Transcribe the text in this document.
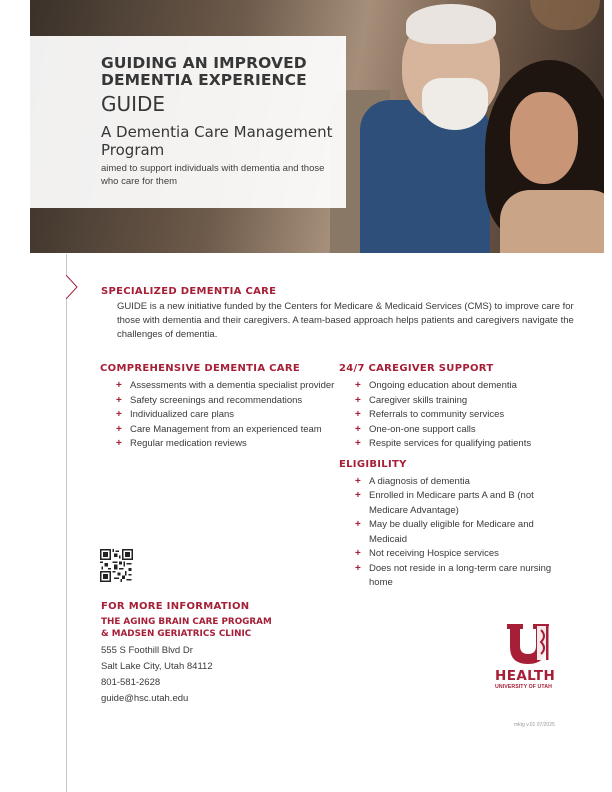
GUIDING AN IMPROVED DEMENTIA EXPERIENCE
GUIDE
A Dementia Care Management Program
aimed to support individuals with dementia and those who care for them
SPECIALIZED DEMENTIA CARE

GUIDE is a new initiative funded by the Centers for Medicare & Medicaid Services (CMS) to improve care for those with dementia and their caregivers. A team-based approach helps patients and caregivers navigate the challenges of dementia.

COMPREHENSIVE DEMENTIA CARE
+ Assessments with a dementia specialist provider
+ Safety screenings and recommendations
+ Individualized care plans
+ Care Management from an experienced team
+ Regular medication reviews
24/7 CAREGIVER SUPPORT
+ Ongoing education about dementia
+ Caregiver skills training
+ Referrals to community services
+ One-on-one support calls
+ Respite services for qualifying patients
ELIGIBILITY
+ A diagnosis of dementia
+ Enrolled in Medicare parts A and B (not Medicare Advantage)
+ May be dually eligible for Medicare and Medicaid
+ Not receiving Hospice services
+ Does not reside in a long-term care nursing home
FOR MORE INFORMATION
THE AGING BRAIN CARE PROGRAM
& MADSEN GERIATRICS CLINIC
555 S Foothill Blvd Dr
Salt Lake City, Utah 84112
801-581-2628
guide@hsc.utah.edu
HEALTH
UNIVERSITY OF UTAH
mktg v.01 07/2025
